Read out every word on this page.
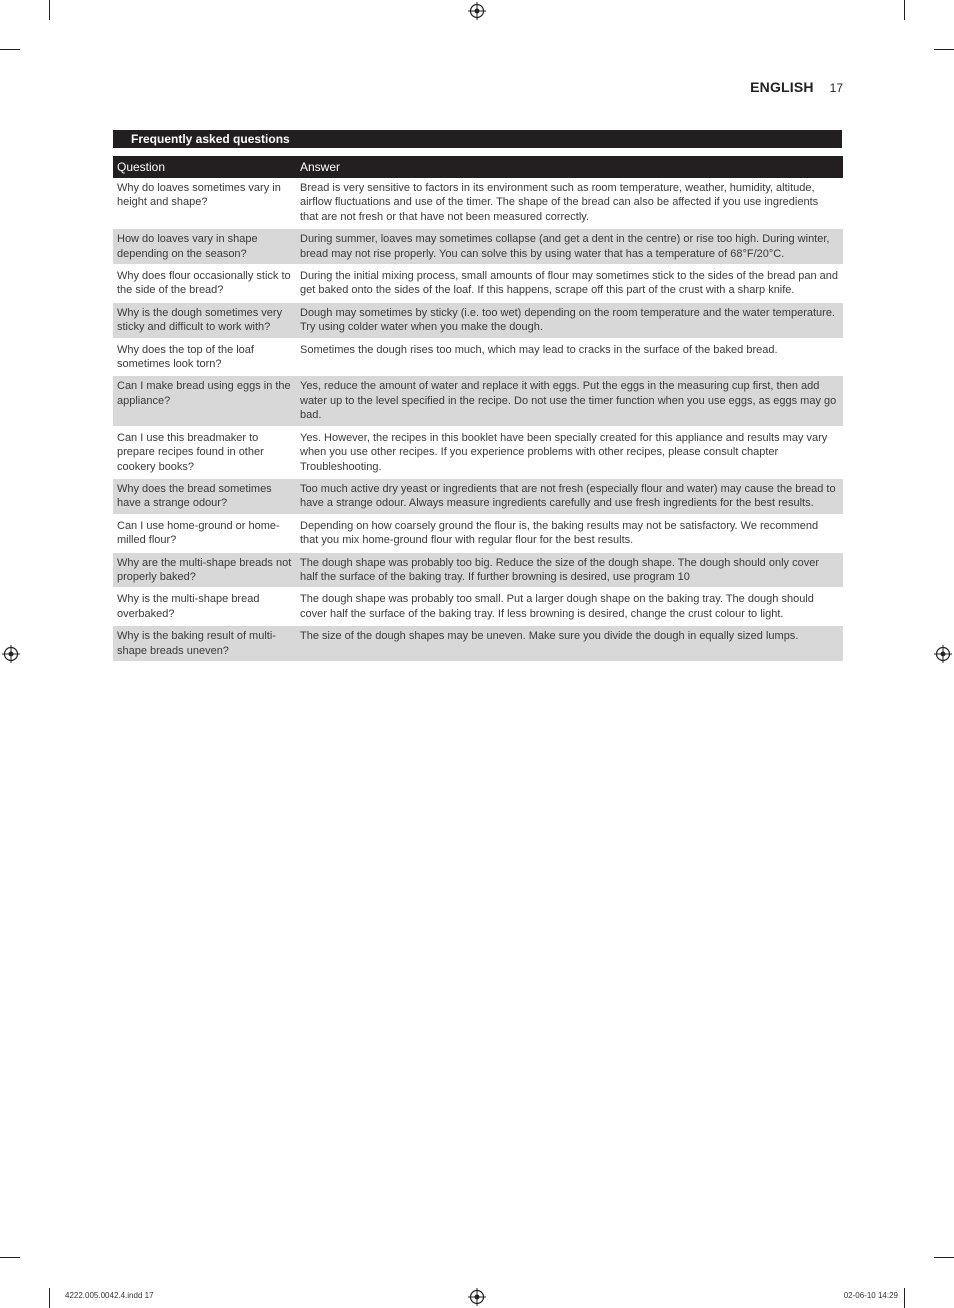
ENGLISH 17
Frequently asked questions
Question	Answer
Why do loaves sometimes vary in height and shape?	Bread is very sensitive to factors in its environment such as room temperature, weather, humidity, altitude, airflow fluctuations and use of the timer. The shape of the bread can also be affected if you use ingredients that are not fresh or that have not been measured correctly.
How do loaves vary in shape depending on the season?	During summer, loaves may sometimes collapse (and get a dent in the centre) or rise too high. During winter, bread may not rise properly. You can solve this by using water that has a temperature of 68°F/20°C.
Why does flour occasionally stick to the side of the bread?	During the initial mixing process, small amounts of flour may sometimes stick to the sides of the bread pan and get baked onto the sides of the loaf. If this happens, scrape off this part of the crust with a sharp knife.
Why is the dough sometimes very sticky and difficult to work with?	Dough may sometimes by sticky (i.e. too wet) depending on the room temperature and the water temperature. Try using colder water when you make the dough.
Why does the top of the loaf sometimes look torn?	Sometimes the dough rises too much, which may lead to cracks in the surface of the baked bread.
Can I make bread using eggs in the appliance?	Yes, reduce the amount of water and replace it with eggs. Put the eggs in the measuring cup first, then add water up to the level specified in the recipe. Do not use the timer function when you use eggs, as eggs may go bad.
Can I use this breadmaker to prepare recipes found in other cookery books?	Yes. However, the recipes in this booklet have been specially created for this appliance and results may vary when you use other recipes. If you experience problems with other recipes, please consult chapter Troubleshooting.
Why does the bread sometimes have a strange odour?	Too much active dry yeast or ingredients that are not fresh (especially flour and water) may cause the bread to have a strange odour. Always measure ingredients carefully and use fresh ingredients for the best results.
Can I use home-ground or home-milled flour?	Depending on how coarsely ground the flour is, the baking results may not be satisfactory. We recommend that you mix home-ground flour with regular flour for the best results.
Why are the multi-shape breads not properly baked?	The dough shape was probably too big. Reduce the size of the dough shape. The dough should only cover half the surface of the baking tray. If further browning is desired, use program 10
Why is the multi-shape bread overbaked?	The dough shape was probably too small. Put a larger dough shape on the baking tray. The dough should cover half the surface of the baking tray. If less browning is desired, change the crust colour to light.
Why is the baking result of multi-shape breads uneven?	The size of the dough shapes may be uneven. Make sure you divide the dough in equally sized lumps.
4222.005.0042.4.indd 17	02-06-10 14:29
